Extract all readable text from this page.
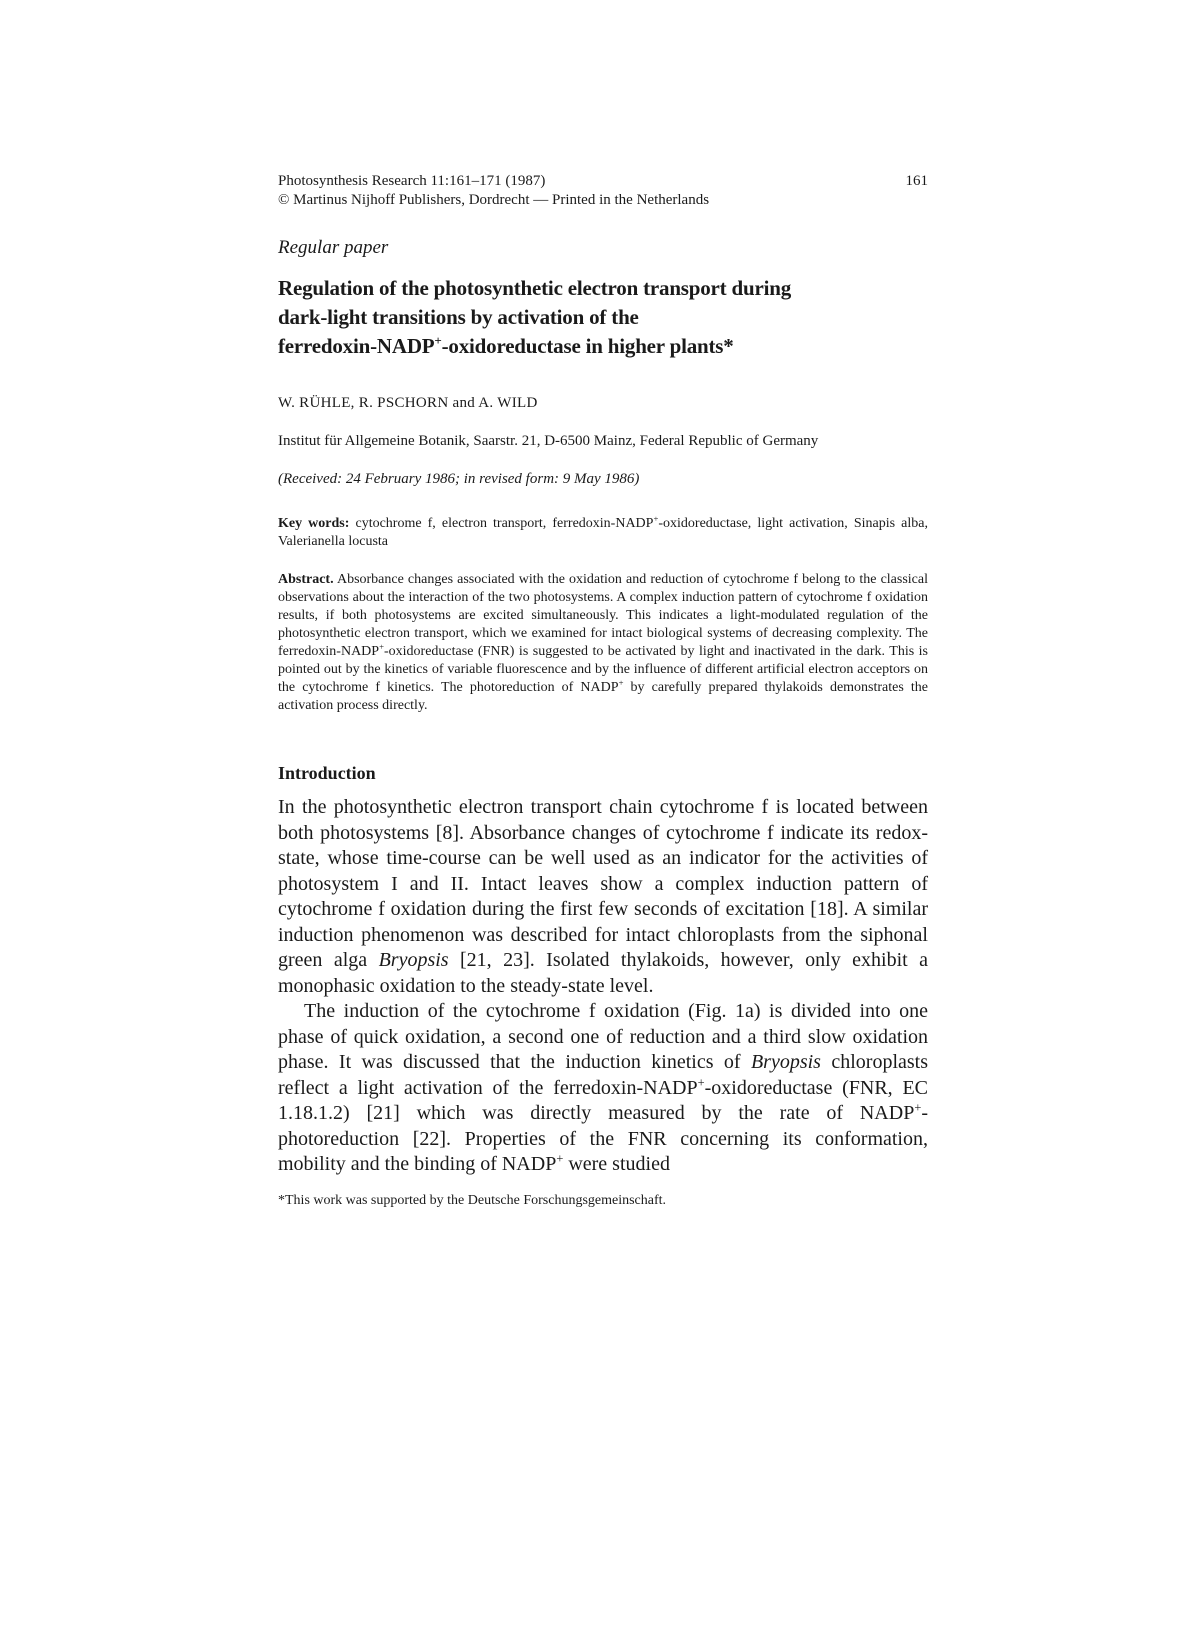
Photosynthesis Research 11:161–171 (1987)
© Martinus Nijhoff Publishers, Dordrecht — Printed in the Netherlands
161
Regular paper
Regulation of the photosynthetic electron transport during
dark-light transitions by activation of the
ferredoxin-NADP+-oxidoreductase in higher plants*
W. RÜHLE, R. PSCHORN and A. WILD
Institut für Allgemeine Botanik, Saarstr. 21, D-6500 Mainz, Federal Republic of Germany
(Received: 24 February 1986; in revised form: 9 May 1986)
Key words: cytochrome f, electron transport, ferredoxin-NADP+-oxidoreductase, light activation, Sinapis alba, Valerianella locusta
Abstract. Absorbance changes associated with the oxidation and reduction of cytochrome f belong to the classical observations about the interaction of the two photosystems. A complex induction pattern of cytochrome f oxidation results, if both photosystems are excited simultaneously. This indicates a light-modulated regulation of the photosynthetic electron transport, which we examined for intact biological systems of decreasing complexity. The ferredoxin-NADP+-oxidoreductase (FNR) is suggested to be activated by light and inactivated in the dark. This is pointed out by the kinetics of variable fluorescence and by the influence of different artificial electron acceptors on the cytochrome f kinetics. The photoreduction of NADP+ by carefully prepared thylakoids demonstrates the activation process directly.
Introduction

In the photosynthetic electron transport chain cytochrome f is located between both photosystems [8]. Absorbance changes of cytochrome f indicate its redox-state, whose time-course can be well used as an indicator for the activities of photosystem I and II. Intact leaves show a complex induction pattern of cytochrome f oxidation during the first few seconds of excitation [18]. A similar induction phenomenon was described for intact chloroplasts from the siphonal green alga Bryopsis [21, 23]. Isolated thylakoids, however, only exhibit a monophasic oxidation to the steady-state level.

The induction of the cytochrome f oxidation (Fig. 1a) is divided into one phase of quick oxidation, a second one of reduction and a third slow oxidation phase. It was discussed that the induction kinetics of Bryopsis chloroplasts reflect a light activation of the ferredoxin-NADP+-oxidoreductase (FNR, EC 1.18.1.2) [21] which was directly measured by the rate of NADP+-photoreduction [22]. Properties of the FNR concerning its conformation, mobility and the binding of NADP+ were studied

*This work was supported by the Deutsche Forschungsgemeinschaft.
